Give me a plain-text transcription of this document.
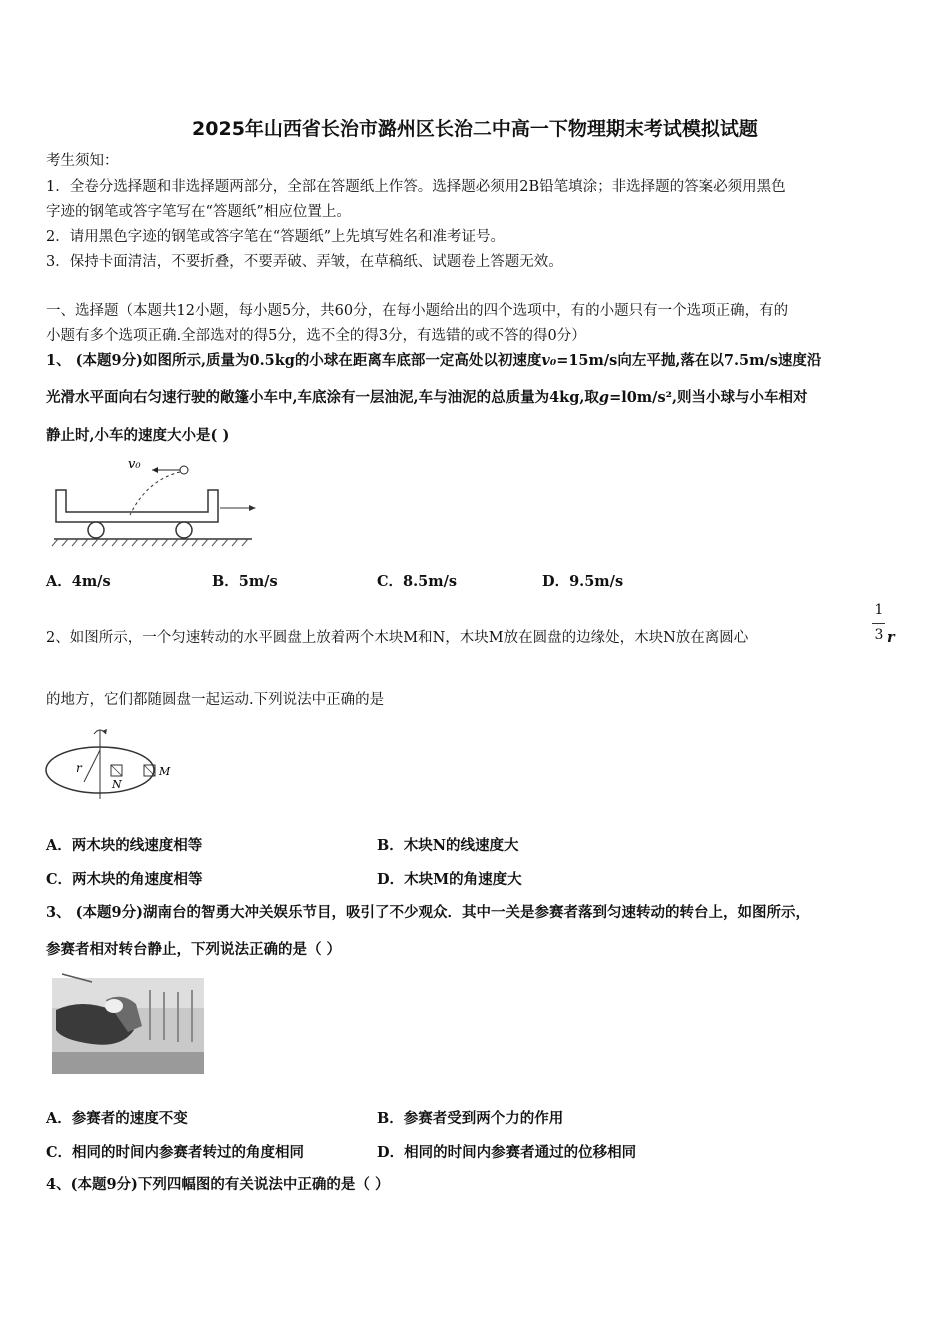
2025年山西省长治市潞州区长治二中高一下物理期末考试模拟试题
考生须知：
1．全卷分选择题和非选择题两部分，全部在答题纸上作答。选择题必须用2B铅笔填涂；非选择题的答案必须用黑色
字迹的钢笔或答字笔写在“答题纸”相应位置上。
2．请用黑色字迹的钢笔或答字笔在“答题纸”上先填写姓名和准考证号。
3．保持卡面清洁，不要折叠，不要弄破、弄皱，在草稿纸、试题卷上答题无效。
一、选择题（本题共12小题，每小题5分，共60分，在每小题给出的四个选项中，有的小题只有一个选项正确，有的
小题有多个选项正确.全部选对的得5分，选不全的得3分，有选错的或不答的得0分）
1、 (本题9分)如图所示,质量为0.5kg的小球在距离车底部一定高处以初速度v₀=15m/s向左平抛,落在以7.5m/s速度沿
光滑水平面向右匀速行驶的敞篷小车中,车底涂有一层油泥,车与油泥的总质量为4kg,取g=l0m/s²,则当小球与小车相对
静止时,小车的速度大小是( )
v₀
A．4m/s	B．5m/s	C．8.5m/s	D．9.5m/s
2、如图所示，一个匀速转动的水平圆盘上放着两个木块M和N，木块M放在圆盘的边缘处，木块N放在离圆心
1
3 r
的地方，它们都随圆盘一起运动.下列说法中正确的是
r
N
M
A．两木块的线速度相等	B．木块N的线速度大
C．两木块的角速度相等	D．木块M的角速度大
3、 (本题9分)湖南台的智勇大冲关娱乐节目，吸引了不少观众．其中一关是参赛者落到匀速转动的转台上，如图所示，
参赛者相对转台静止，下列说法正确的是（ ）
A．参赛者的速度不变	B．参赛者受到两个力的作用
C．相同的时间内参赛者转过的角度相同	D．相同的时间内参赛者通过的位移相同
4、(本题9分)下列四幅图的有关说法中正确的是（ ）
